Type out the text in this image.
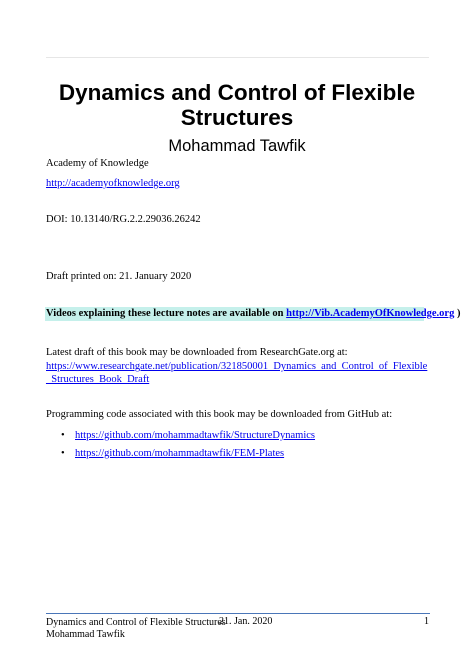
Dynamics and Control of Flexible Structures
Mohammad Tawfik
Academy of Knowledge
http://academyofknowledge.org
DOI: 10.13140/RG.2.2.29036.26242
Draft printed on: 21. January 2020
Videos explaining these lecture notes are available on http://Vib.AcademyOfKnowledge.org )
Latest draft of this book may be downloaded from ResearchGate.org at:
https://www.researchgate.net/publication/321850001_Dynamics_and_Control_of_Flexible_Structures_Book_Draft
Programming code associated with this book may be downloaded from GitHub at:
• https://github.com/mohammadtawfik/StructureDynamics
• https://github.com/mohammadtawfik/FEM-Plates
Dynamics and Control of Flexible Structures
Mohammad Tawfik
21. Jan. 2020	1
